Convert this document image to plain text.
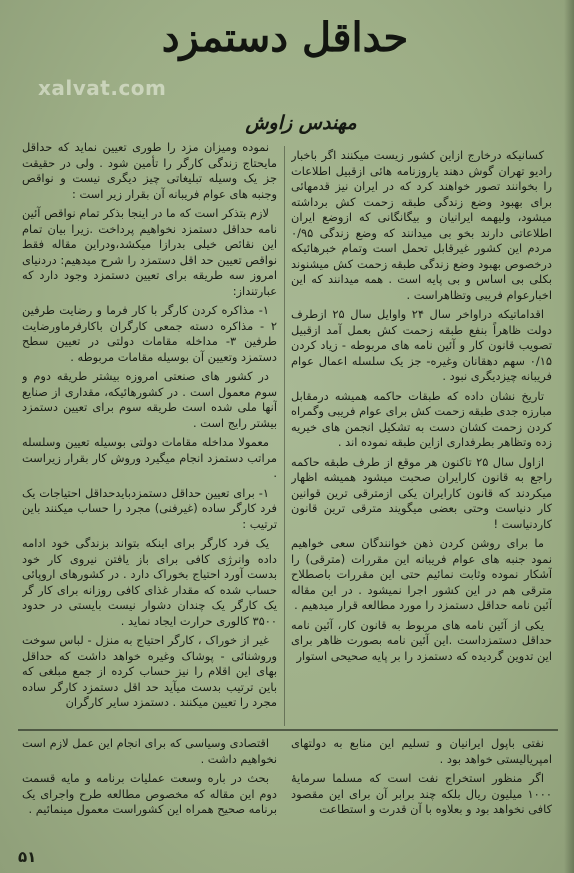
حداقل دستمزد
xalvat.com
مهندس زاوش

کسانیکه درخارج ازاین کشور زیست میکنند اگر باخبار رادیو تهران گوش دهند یاروزنامه هائی ازقبیل اطلاعات را بخوانند تصور خواهند کرد که در ایران نیز قدمهائی برای بهبود وضع زندگی طبقه زحمت کش برداشته میشود، ولیهمه ایرانیان و بیگانگانی که ازوضع ایران اطلاعاتی دارند بخو بی میدانند که وضع زندگی ۰/۹۵ مردم این کشور غیرقابل تحمل است وتمام خبرهائیکه درخصوص بهبود وضع زندگی طبقه زحمت کش میشنوند بکلی بی اساس و بی پایه است . همه میدانند که این اخبارعوام فریبی وتظاهراست .

اقداماتیکه دراواخر سال ۲۴ واوایل سال ۲۵ ازطرف دولت ظاهراً بنفع طبقه زحمت کش بعمل آمد ازقبیل تصویب قانون کار و آئین نامه های مربوطه - زیاد کردن ۰/۱۵ سهم دهقانان وغیره- جز یک سلسله اعمال عوام فریبانه چیزدیگری نبود .

تاریخ نشان داده که طبقات حاکمه همیشه درمقابل مبارزه جدی طبقه زحمت کش برای عوام فریبی وگمراه کردن زحمت کشان دست به تشکیل انجمن های خیریه زده وتظاهر بطرفداری ازاین طبقه نموده اند .

ازاول سال ۲۵ تاکنون هر موقع از طرف طبقه حاکمه راجع به قانون کارایران صحبت میشود همیشه اظهار میکردند که قانون کارایران یکی ازمترقی ترین قوانین کار دنیاست وحتی بعضی میگویند مترقی ترین قانون کاردنیاست !

ما برای روشن کردن ذهن خوانندگان سعی خواهیم نمود جنبه های عوام فریبانه این مقررات (مترقی) را آشکار نموده وثابت نمائیم حتی این مقررات باصطلاح مترقی هم در این کشور اجرا نمیشود . در این مقاله آئین نامه حداقل دستمزد را مورد مطالعه قرار میدهیم .

یکی از آئین نامه های مربوط به قانون کار، آئین نامه حداقل دستمزداست .این آئین نامه بصورت ظاهر برای این تدوین گردیده که دستمزد را بر پایه صحیحی استوار

نموده ومیزان مزد را طوری تعیین نماید که حداقل مایحتاج زندگی کارگر را تأمین شود . ولی در حقیقت جز یک وسیله تبلیغاتی چیز دیگری نیست و نواقص وجنبه های عوام فریبانه آن بقرار زیر است :

لازم بتذکر است که ما در اینجا بذکر تمام نواقص آئین نامه حداقل دستمزد نخواهیم پرداخت .زیرا بیان تمام این نقائص خیلی بدرازا میکشد،ودراین مقاله فقط نواقص تعیین حد اقل دستمزد را شرح میدهیم: دردنیای امروز سه طریقه برای تعیین دستمزد وجود دارد که عبارتنداز:

۱- مذاکره کردن کارگر با کار فرما و رضایت طرفین ۲ - مذاکره دسته جمعی کارگران باکارفرماورضایت طرفین ۳- مداخله مقامات دولتی در تعیین سطح دستمزد وتعیین آن بوسیله مقامات مربوطه .

در کشور های صنعتی امروزه بیشتر طریقه دوم و سوم معمول است . در کشورهائیکه، مقداری از صنایع آنها ملی شده است طریقه سوم برای تعیین دستمزد بیشتر رایج است .

معمولا مداخله مقامات دولتی بوسیله تعیین وسلسله مراتب دستمزد انجام میگیرد وروش کار بقرار زیراست .

۱- برای تعیین حداقل دستمزدبایدحداقل احتیاجات یک فرد کارگر ساده (غیرفنی) مجرد را حساب میکنند باین ترتیب :

یک فرد کارگر برای اینکه بتواند بزندگی خود ادامه داده وانرژی کافی برای باز یافتن نیروی کار خود بدست آورد احتیاج بخوراک دارد . در کشورهای اروپائی حساب شده که مقدار غذای کافی روزانه برای کار گر یک کارگر یک چندان دشوار نیست بایستی در حدود ۳۵۰۰ کالوری حرارت ایجاد نماید .

غیر از خوراک ، کارگر احتیاج به منزل - لباس سوخت وروشنائی - پوشاک وغیره خواهد داشت که حداقل بهای این اقلام را نیز حساب کرده از جمع مبلغی که باین ترتیب بدست میآید حد اقل دستمزد کارگر ساده مجرد را تعیین میکنند . دستمزد سایر کارگران

نفتی باپول ایرانیان و تسلیم این منابع به دولتهای امپریالیستی خواهد بود .

اگر منظور استخراج نفت است که مسلما سرمایهٔ ۱۰۰۰ میلیون ریال بلکه چند برابر آن برای این مقصود کافی نخواهد بود و بعلاوه با آن قدرت و استطاعت

اقتصادی وسیاسی که برای انجام این عمل لازم است نخواهیم داشت .

بحث در باره وسعت عملیات برنامه و مایه قسمت دوم این مقاله که مخصوص مطالعه طرح واجرای یک برنامه صحیح همراه این کشوراست معمول مینمائیم .

۵۱
